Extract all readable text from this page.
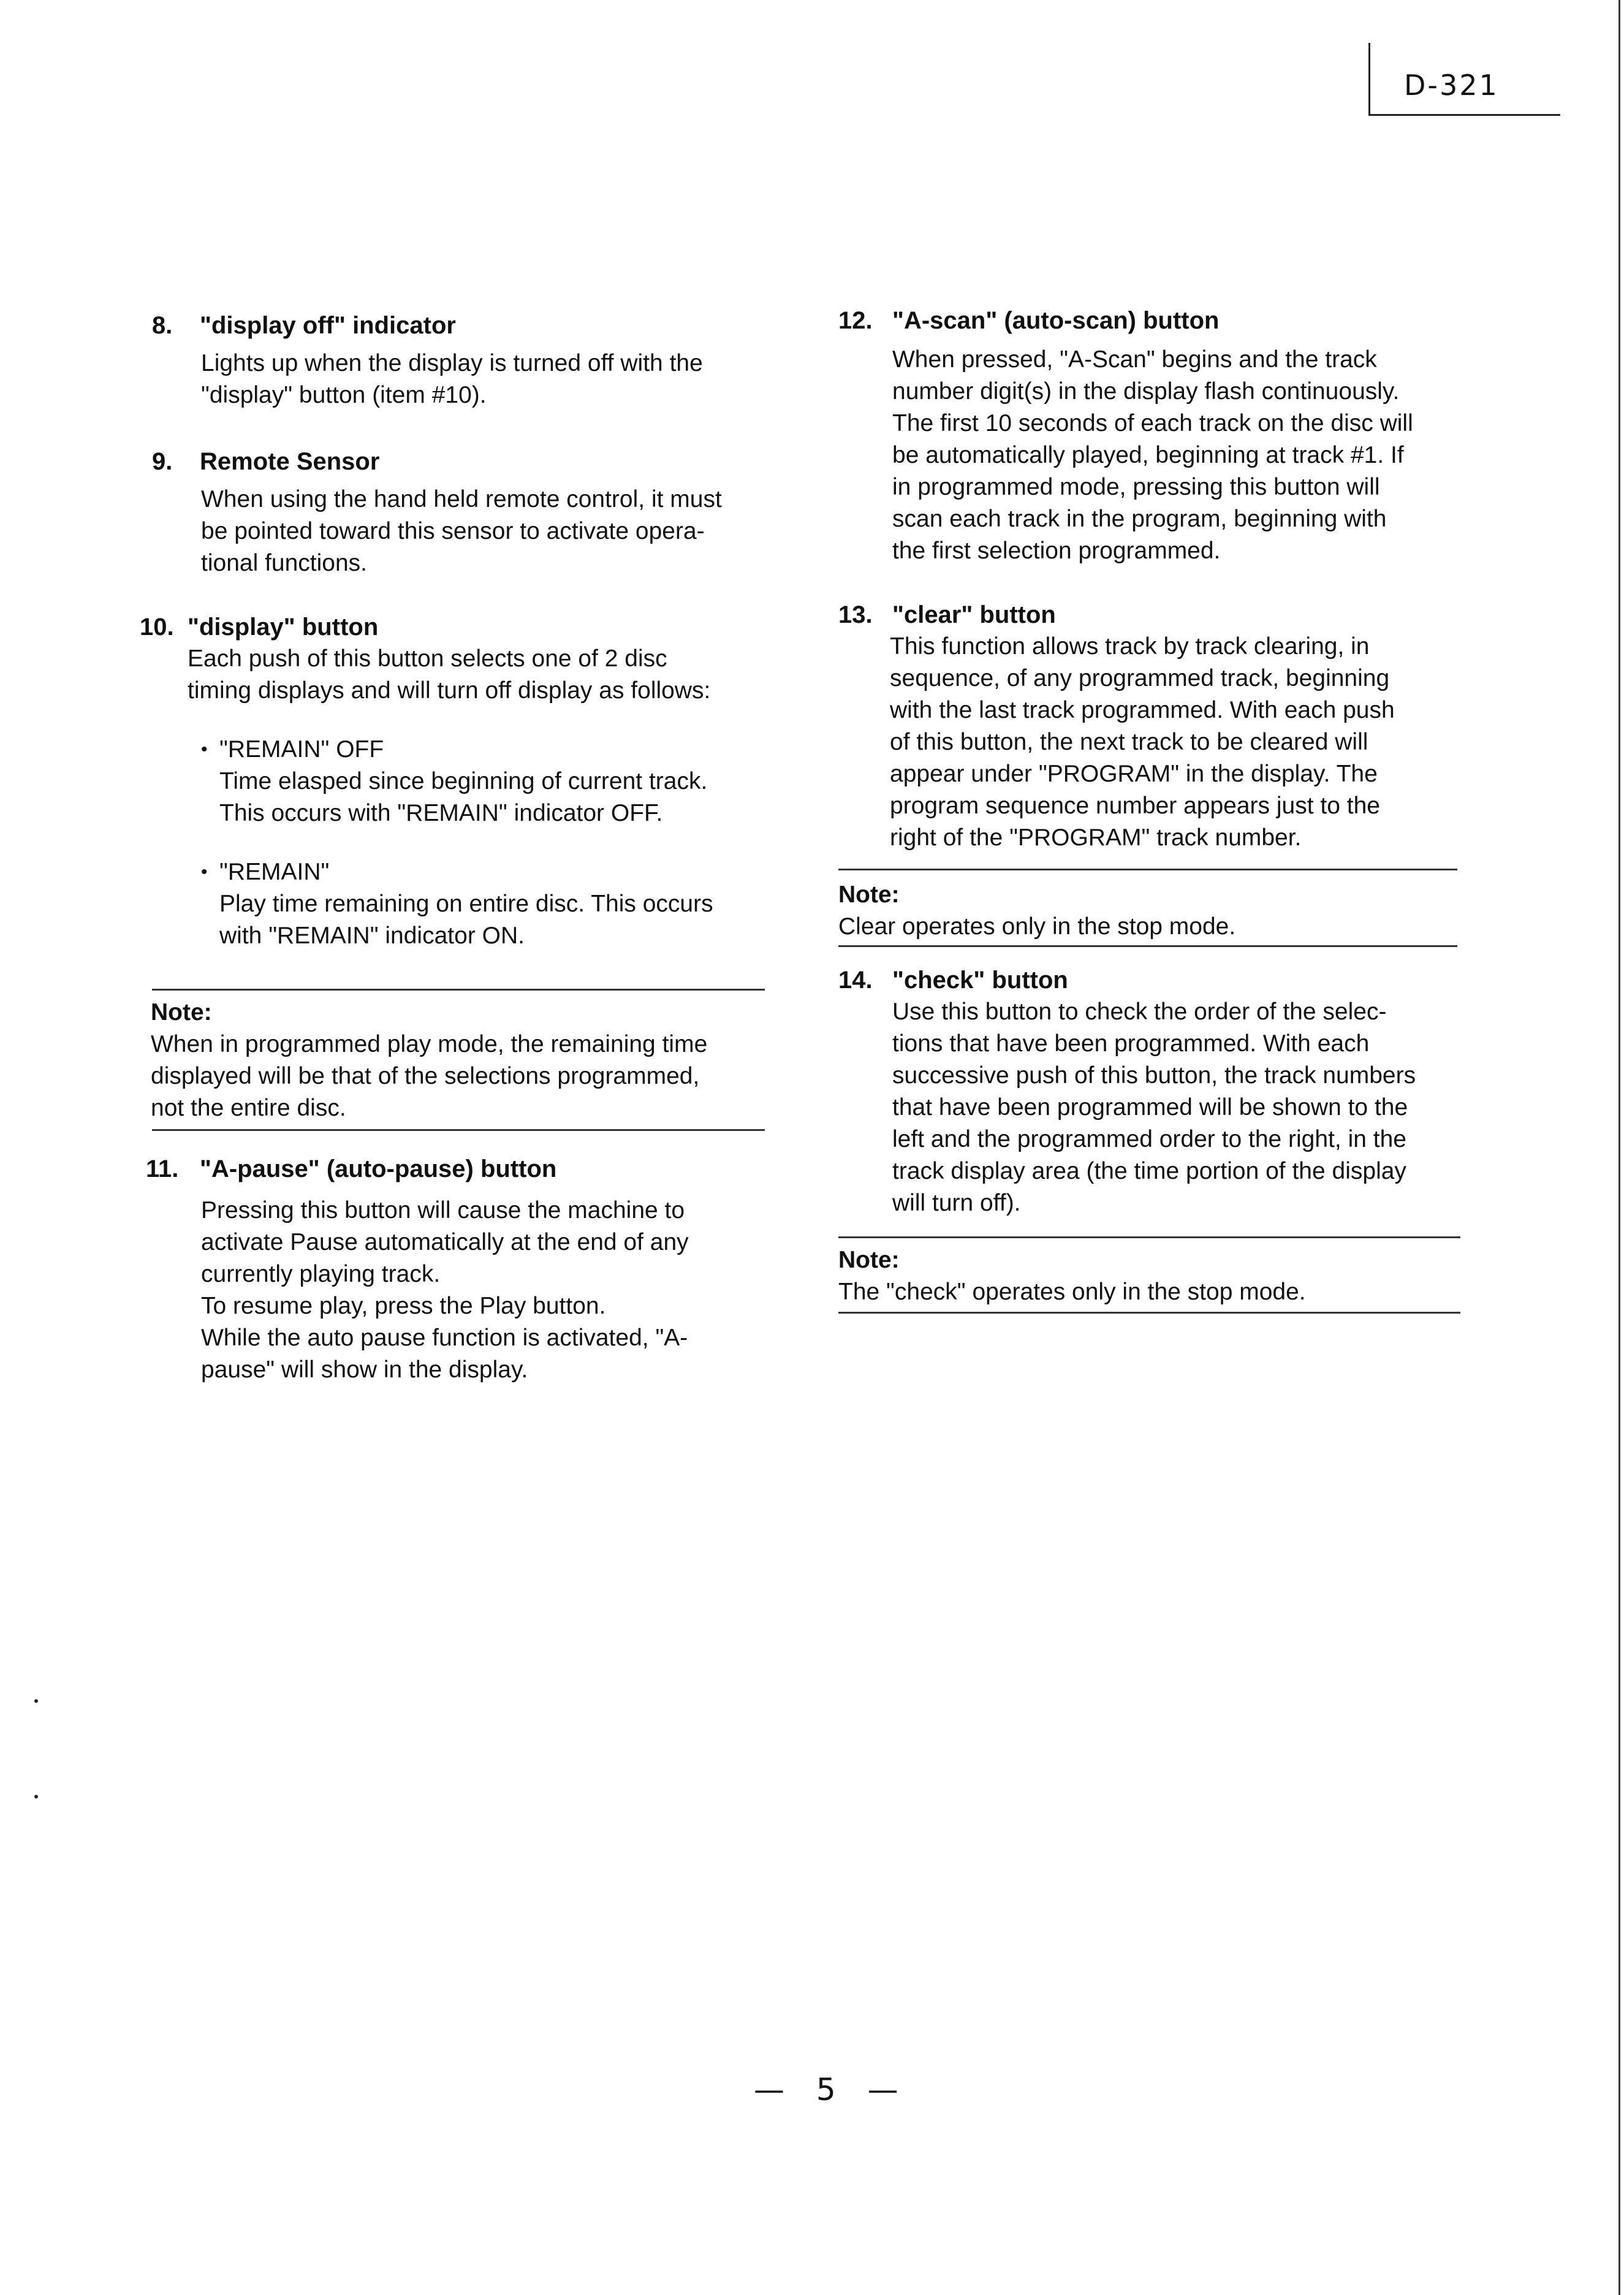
D-321
8.	"display off" indicator

Lights up when the display is turned off with the

"display" button (item #10).

9.	Remote Sensor

When using the hand held remote control, it must

be pointed toward this sensor to activate opera-

tional functions.

10. "display" button

Each push of this button selects one of 2 disc

timing displays and will turn off display as follows:

• "REMAIN" OFF

Time elasped since beginning of current track.

This occurs with "REMAIN" indicator OFF.

• "REMAIN"

Play time remaining on entire disc. This occurs

with "REMAIN" indicator ON.

Note:

When in programmed play mode, the remaining time

displayed will be that of the selections programmed,

not the entire disc.

11. "A-pause" (auto-pause) button

Pressing this button will cause the machine to

activate Pause automatically at the end of any

currently playing track.

To resume play, press the Play button.

While the auto pause function is activated, "A-

pause" will show in the display.

12. "A-scan" (auto-scan) button

When pressed, "A-Scan" begins and the track

number digit(s) in the display flash continuously.

The first 10 seconds of each track on the disc will

be automatically played, beginning at track #1. If

in programmed mode, pressing this button will

scan each track in the program, beginning with

the first selection programmed.

13. "clear" button

This function allows track by track clearing, in

sequence, of any programmed track, beginning

with the last track programmed. With each push

of this button, the next track to be cleared will

appear under "PROGRAM" in the display. The

program sequence number appears just to the

right of the "PROGRAM" track number.

Note:

Clear operates only in the stop mode.

14. "check" button

Use this button to check the order of the selec-

tions that have been programmed. With each

successive push of this button, the track numbers

that have been programmed will be shown to the

left and the programmed order to the right, in the

track display area (the time portion of the display

will turn off).

Note:

The "check" operates only in the stop mode.

— 5 —
